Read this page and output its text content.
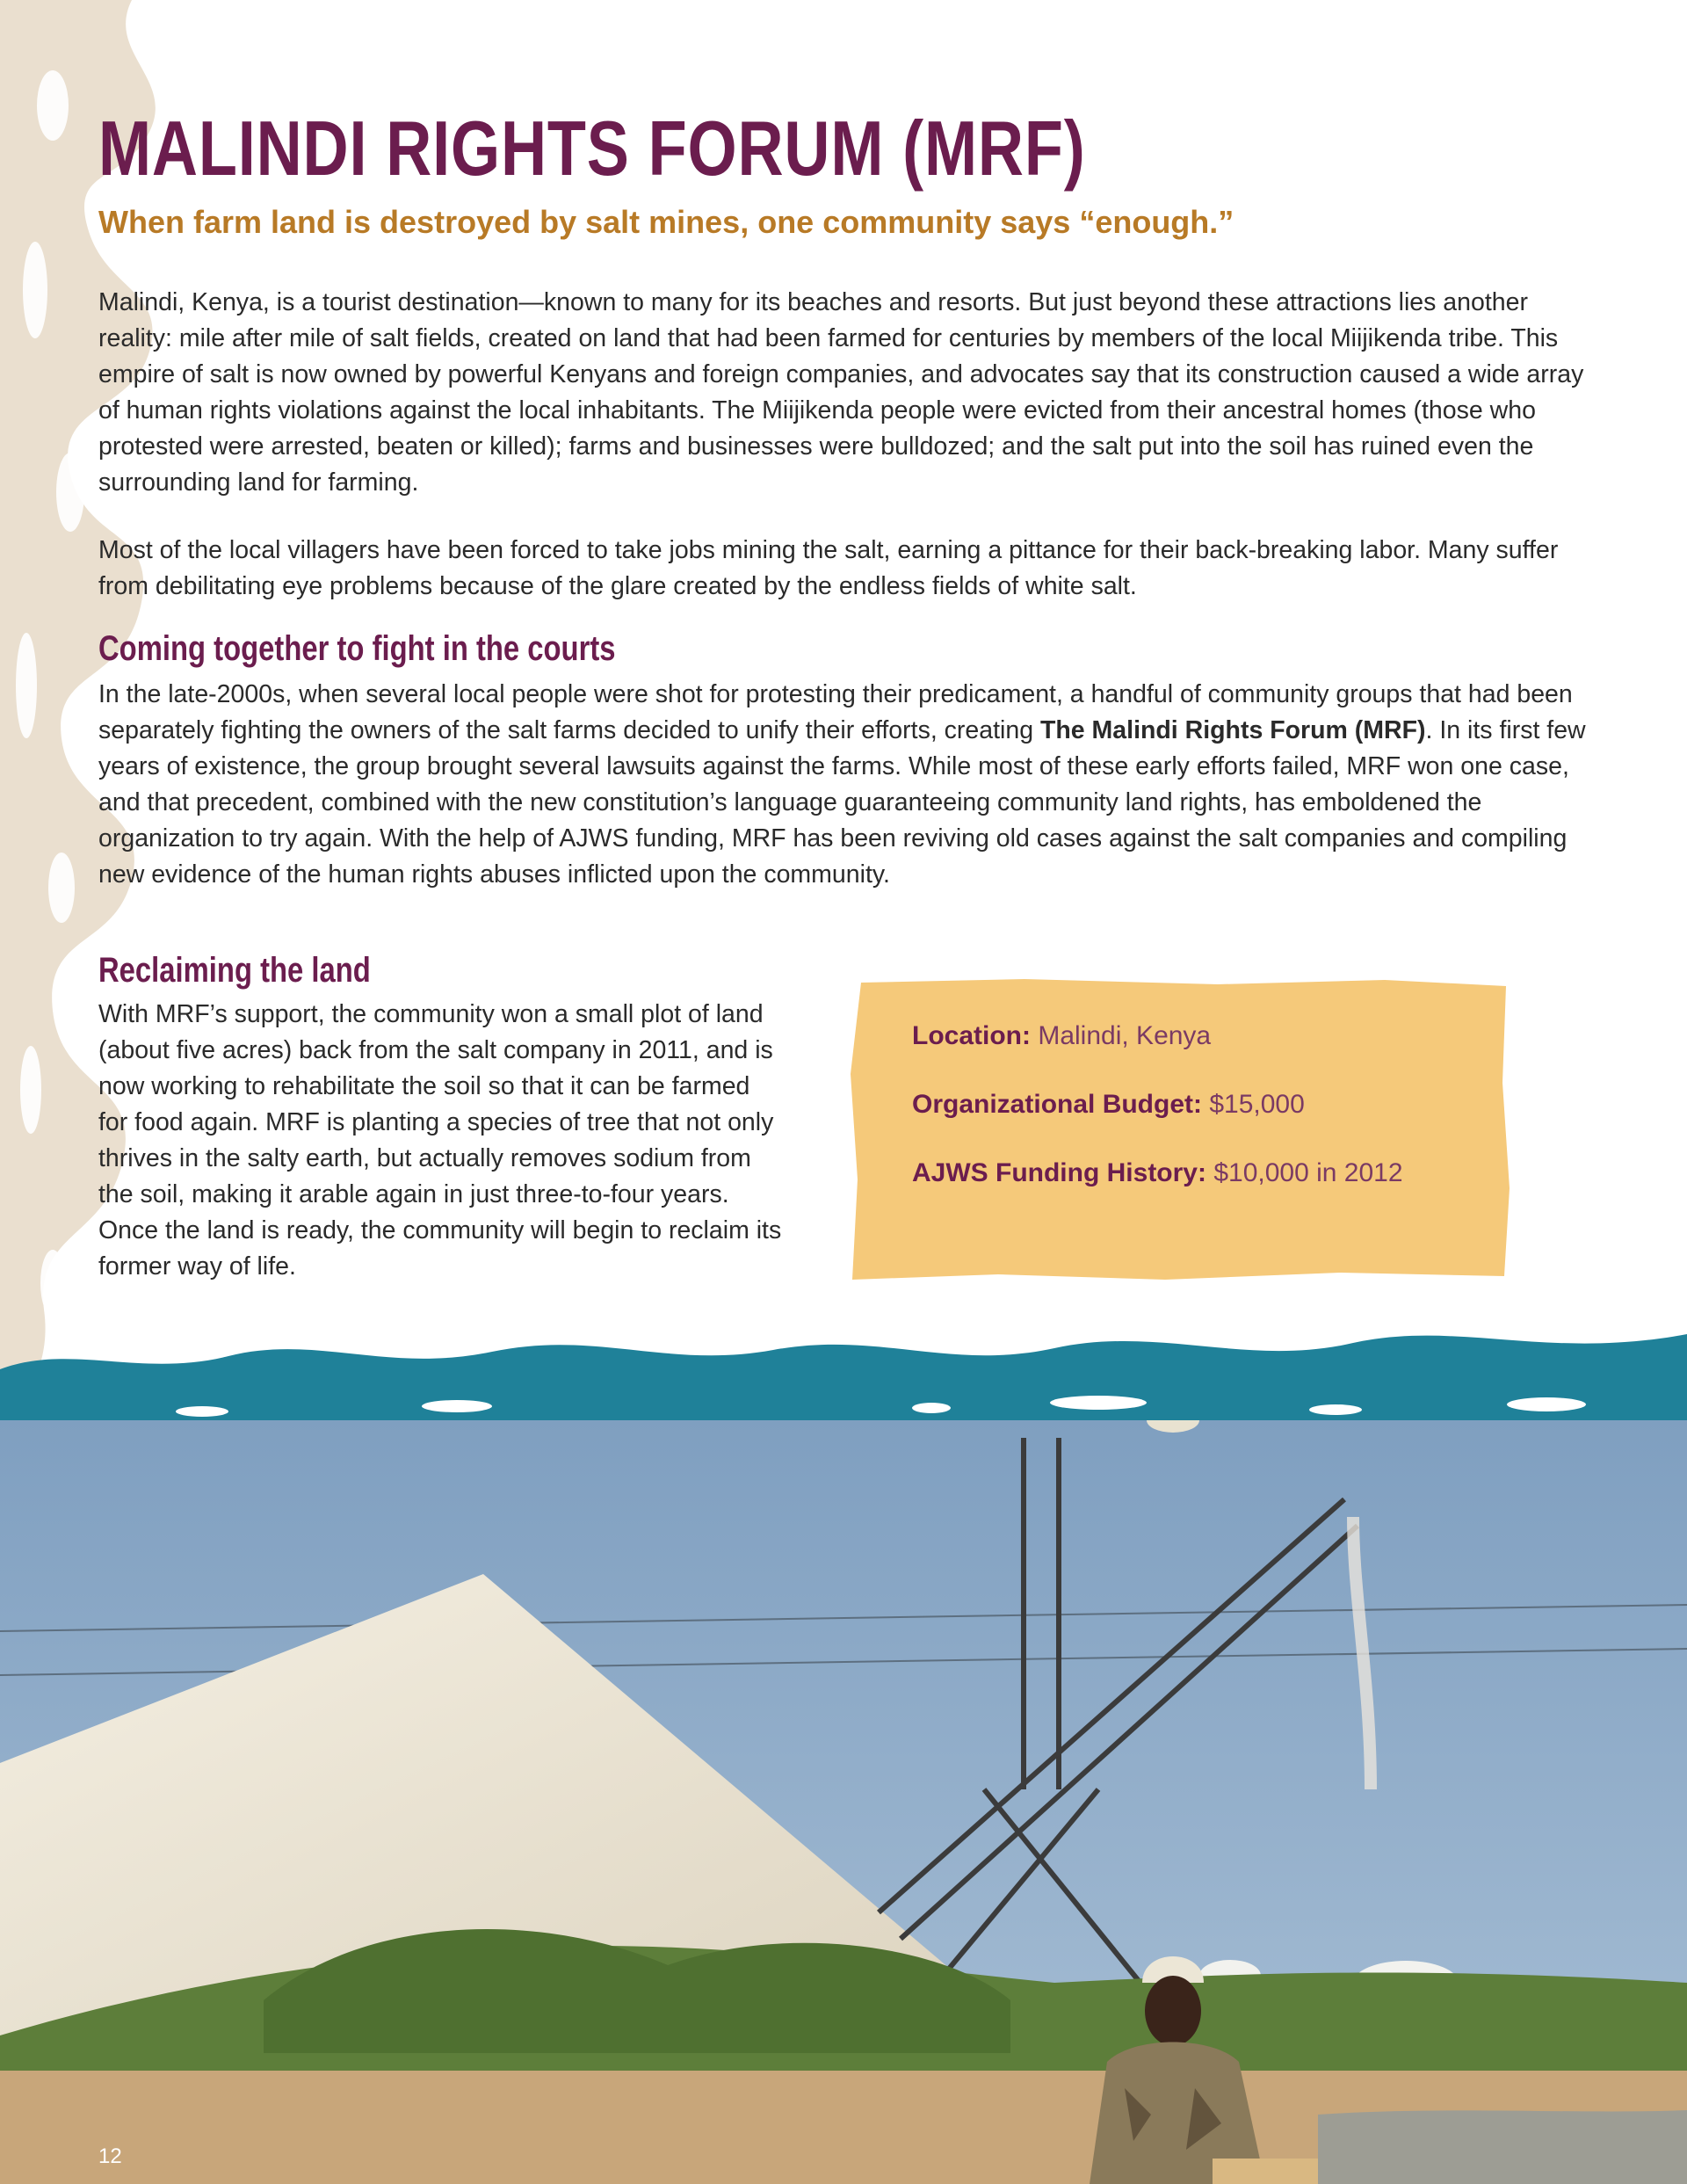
MALINDI RIGHTS FORUM (MRF)
When farm land is destroyed by salt mines, one community says “enough.”

Malindi, Kenya, is a tourist destination—known to many for its beaches and resorts. But just beyond these attractions lies another reality: mile after mile of salt fields, created on land that had been farmed for centuries by members of the local Miijikenda tribe. This empire of salt is now owned by powerful Kenyans and foreign companies, and advocates say that its construction caused a wide array of human rights violations against the local inhabitants. The Miijikenda people were evicted from their ancestral homes (those who protested were arrested, beaten or killed); farms and businesses were bulldozed; and the salt put into the soil has ruined even the surrounding land for farming.

Most of the local villagers have been forced to take jobs mining the salt, earning a pittance for their back-breaking labor. Many suffer from debilitating eye problems because of the glare created by the endless fields of white salt.

Coming together to fight in the courts

In the late-2000s, when several local people were shot for protesting their predicament, a handful of community groups that had been separately fighting the owners of the salt farms decided to unify their efforts, creating The Malindi Rights Forum (MRF). In its first few years of existence, the group brought several lawsuits against the farms. While most of these early efforts failed, MRF won one case, and that precedent, combined with the new constitution’s language guaranteeing community land rights, has emboldened the organization to try again. With the help of AJWS funding, MRF has been reviving old cases against the salt companies and compiling new evidence of the human rights abuses inflicted upon the community.

Reclaiming the land

With MRF’s support, the community won a small plot of land (about five acres) back from the salt company in 2011, and is now working to rehabilitate the soil so that it can be farmed for food again. MRF is planting a species of tree that not only thrives in the salty earth, but actually removes sodium from the soil, making it arable again in just three-to-four years. Once the land is ready, the community will begin to reclaim its former way of life.

Location: Malindi, Kenya
Organizational Budget: $15,000
AJWS Funding History: $10,000 in 2012
12
